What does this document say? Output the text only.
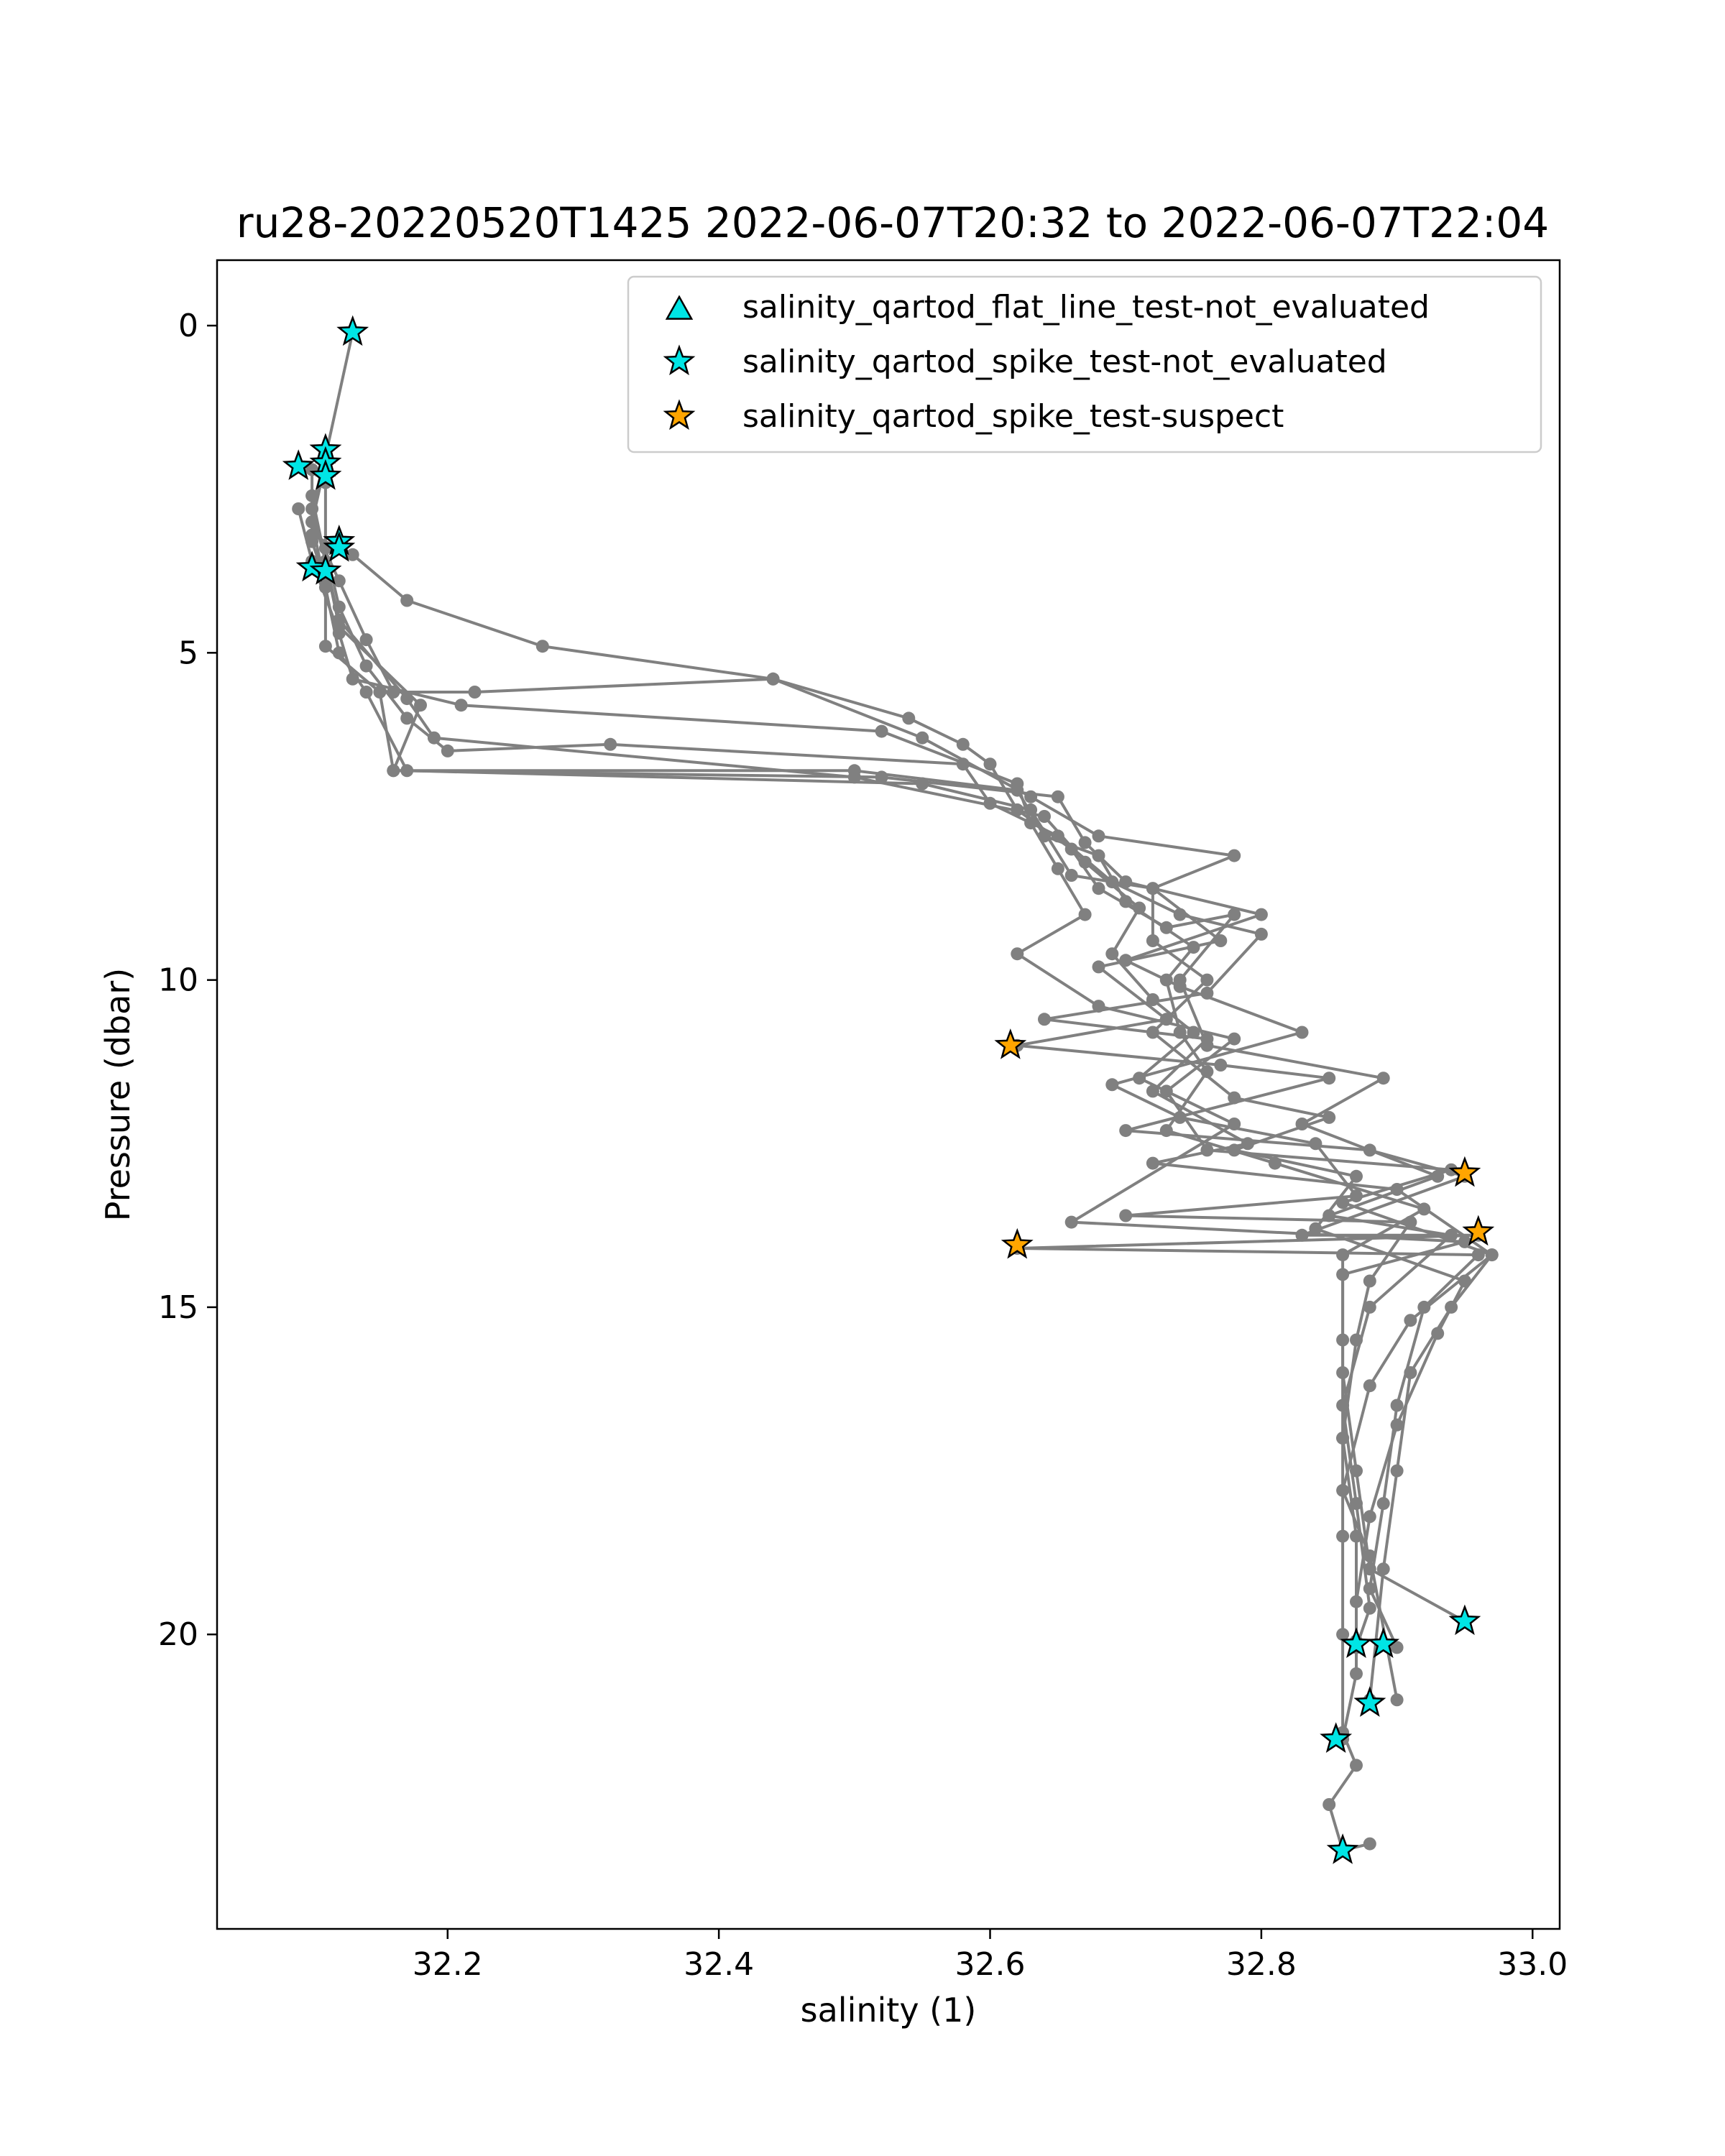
ru28-20220520T1425 2022-06-07T20:32 to 2022-06-07T22:04
32.2	32.4	32.6	32.8	33.0
0
5
10
15
20
salinity (1)
Pressure (dbar)
salinity_qartod_flat_line_test-not_evaluated
salinity_qartod_spike_test-not_evaluated
salinity_qartod_spike_test-suspect
